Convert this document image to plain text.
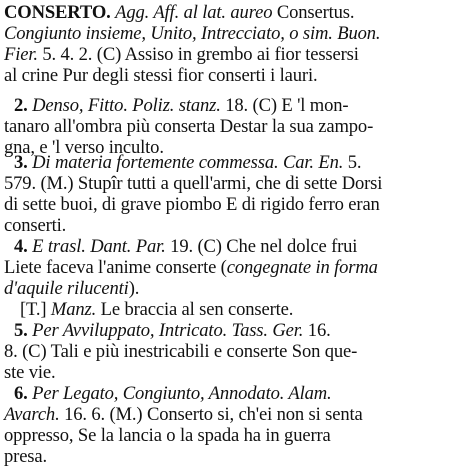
CONSERTO. Agg. Aff. al lat. aureo Consertus.
Congiunto insieme, Unito, Intrecciato, o sim. Buon.
Fier. 5. 4. 2. (C) Assiso in grembo ai fior tessersi
al crine Pur degli stessi fior conserti i lauri.
2. Denso, Fitto. Poliz. stanz. 18. (C) E 'l mon-
tanaro all'ombra più conserta Destar la sua zampo-
gna, e 'l verso inculto.
3. Di materia fortemente commessa. Car. En. 5.
579. (M.) Stupîr tutti a quell'armi, che di sette Dorsi
di sette buoi, di grave piombo E di rigido ferro eran
conserti.
4. E trasl. Dant. Par. 19. (C) Che nel dolce frui
Liete faceva l'anime conserte (congegnate in forma
d'aquile rilucenti).
[T.] Manz. Le braccia al sen conserte.
5. Per Avviluppato, Intricato. Tass. Ger. 16.
8. (C) Tali e più inestricabili e conserte Son que-
ste vie.
6. Per Legato, Congiunto, Annodato. Alam.
Avarch. 16. 6. (M.) Conserto si, ch'ei non si senta
oppresso, Se la lancia o la spada ha in guerra
presa.
